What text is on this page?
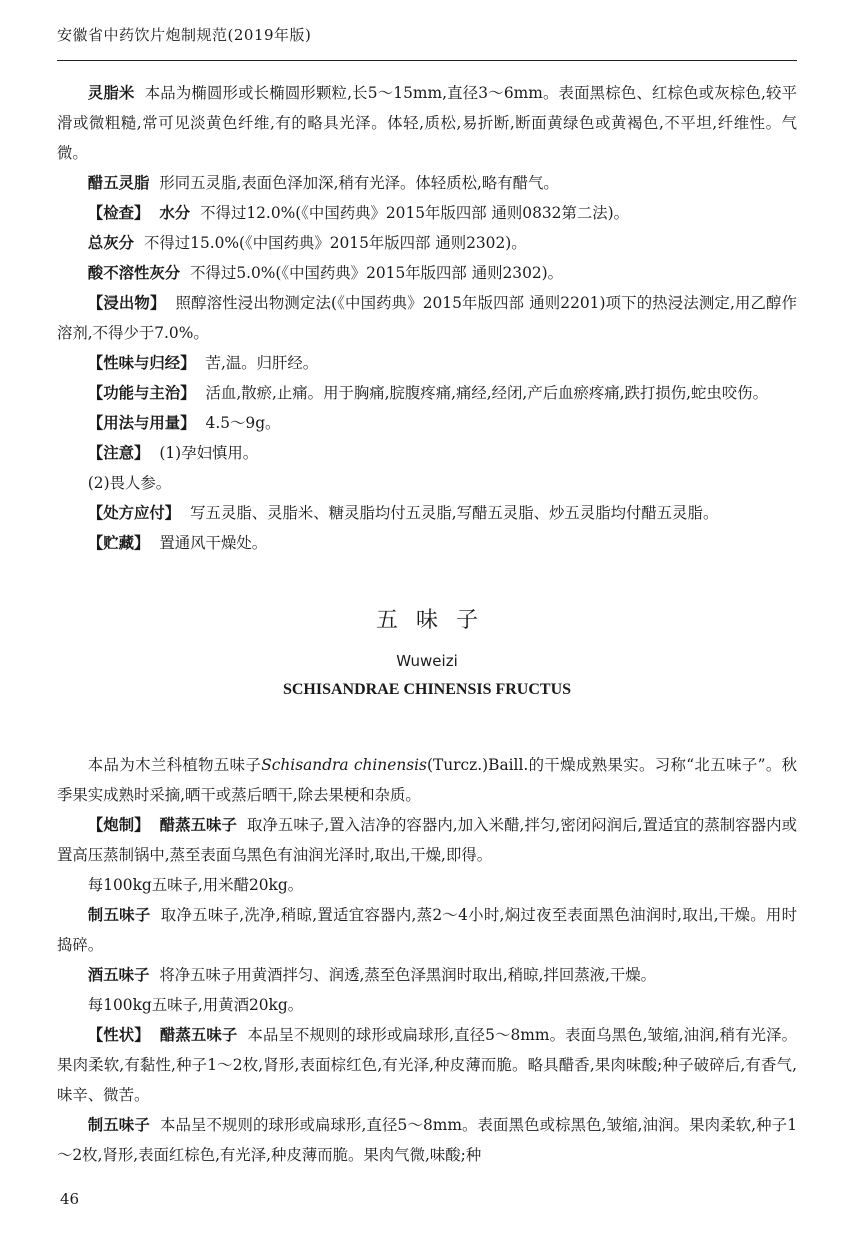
安徽省中药饮片炮制规范(2019年版)

灵脂米 本品为椭圆形或长椭圆形颗粒,长5～15mm,直径3～6mm。表面黑棕色、红棕色或灰棕色,较平滑或微粗糙,常可见淡黄色纤维,有的略具光泽。体轻,质松,易折断,断面黄绿色或黄褐色,不平坦,纤维性。气微。

醋五灵脂 形同五灵脂,表面色泽加深,稍有光泽。体轻质松,略有醋气。

【检查】 水分 不得过12.0%(《中国药典》2015年版四部 通则0832第二法)。

总灰分 不得过15.0%(《中国药典》2015年版四部 通则2302)。

酸不溶性灰分 不得过5.0%(《中国药典》2015年版四部 通则2302)。

【浸出物】 照醇溶性浸出物测定法(《中国药典》2015年版四部 通则2201)项下的热浸法测定,用乙醇作溶剂,不得少于7.0%。

【性味与归经】 苦,温。归肝经。

【功能与主治】 活血,散瘀,止痛。用于胸痛,脘腹疼痛,痛经,经闭,产后血瘀疼痛,跌打损伤,蛇虫咬伤。

【用法与用量】 4.5～9g。

【注意】 (1)孕妇慎用。

(2)畏人参。

【处方应付】 写五灵脂、灵脂米、糖灵脂均付五灵脂,写醋五灵脂、炒五灵脂均付醋五灵脂。

【贮藏】 置通风干燥处。

五味子
Wuweizi
SCHISANDRAE CHINENSIS FRUCTUS

本品为木兰科植物五味子Schisandra chinensis(Turcz.)Baill.的干燥成熟果实。习称“北五味子”。秋季果实成熟时采摘,晒干或蒸后晒干,除去果梗和杂质。

【炮制】 醋蒸五味子 取净五味子,置入洁净的容器内,加入米醋,拌匀,密闭闷润后,置适宜的蒸制容器内或置高压蒸制锅中,蒸至表面乌黑色有油润光泽时,取出,干燥,即得。

每100kg五味子,用米醋20kg。

制五味子 取净五味子,洗净,稍晾,置适宜容器内,蒸2～4小时,焖过夜至表面黑色油润时,取出,干燥。用时捣碎。

酒五味子 将净五味子用黄酒拌匀、润透,蒸至色泽黑润时取出,稍晾,拌回蒸液,干燥。

每100kg五味子,用黄酒20kg。

【性状】 醋蒸五味子 本品呈不规则的球形或扁球形,直径5～8mm。表面乌黑色,皱缩,油润,稍有光泽。果肉柔软,有黏性,种子1～2枚,肾形,表面棕红色,有光泽,种皮薄而脆。略具醋香,果肉味酸;种子破碎后,有香气,味辛、微苦。

制五味子 本品呈不规则的球形或扁球形,直径5～8mm。表面黑色或棕黑色,皱缩,油润。果肉柔软,种子1～2枚,肾形,表面红棕色,有光泽,种皮薄而脆。果肉气微,味酸;种

46
